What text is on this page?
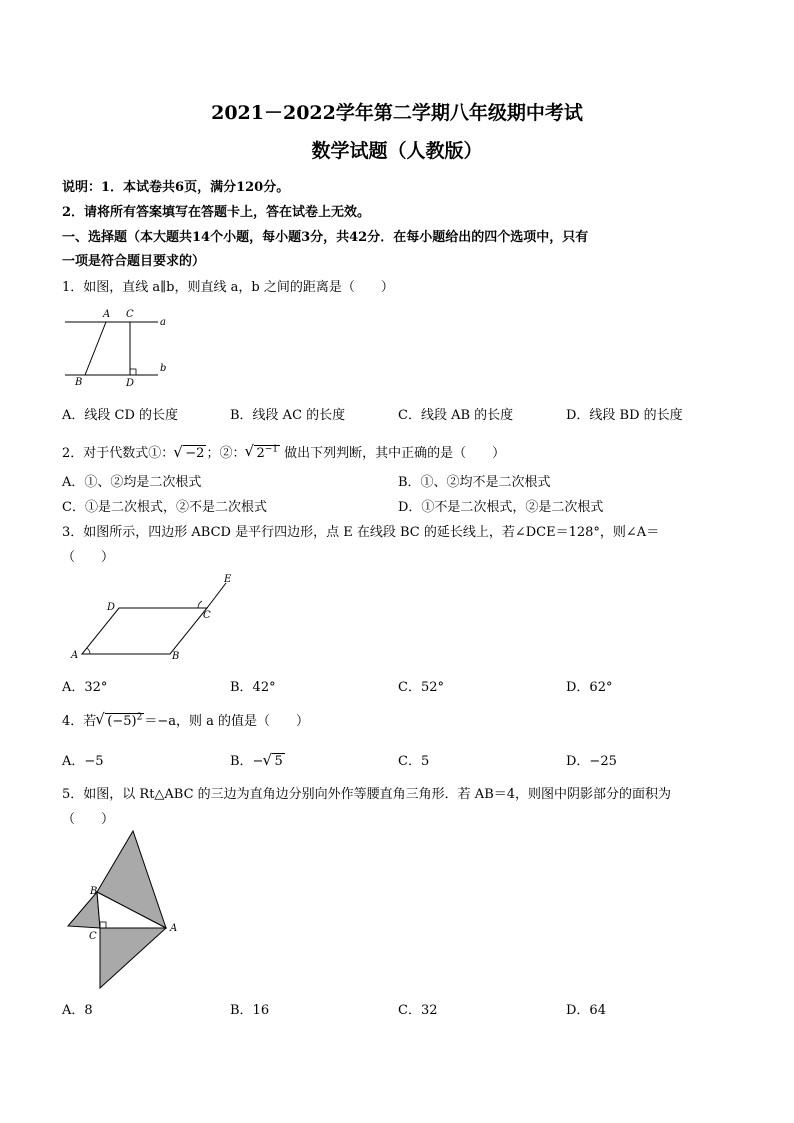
2021－2022学年第二学期八年级期中考试
数学试题（人教版）
说明：1．本试卷共6页，满分120分。
2．请将所有答案填写在答题卡上，答在试卷上无效。
一、选择题（本大题共14个小题，每小题3分，共42分．在每小题给出的四个选项中，只有
一项是符合题目要求的）
1．如图，直线 a∥b，则直线 a，b 之间的距离是（　　）
A C
a
b
B	D
A．线段 CD 的长度	B．线段 AC 的长度	C．线段 AB 的长度	D．线段 BD 的长度
2．对于代数式①： √ −2 ；②： √ $2^{-1}$ 做出下列判断，其中正确的是（　　）
A．①、②均是二次根式	B．①、②均不是二次根式
C．①是二次根式，②不是二次根式	D．①不是二次根式，②是二次根式
3．如图所示，四边形 ABCD 是平行四边形，点 E 在线段 BC 的延长线上，若∠DCE＝128°，则∠A＝
（　　）
A	B
C
D
E
A．32°	B．42°	C．52°	D．62°
4．若 √ $(-5)^2 =-a$，则 a 的值是（　　）
A．−5	B．− √ 5	C．5	D．−25
5．如图，以 Rt△ABC 的三边为直角边分别向外作等腰直角三角形．若 AB＝4，则图中阴影部分的面积为
（　　）
A
B
C
A．8	B．16	C．32	D．64
